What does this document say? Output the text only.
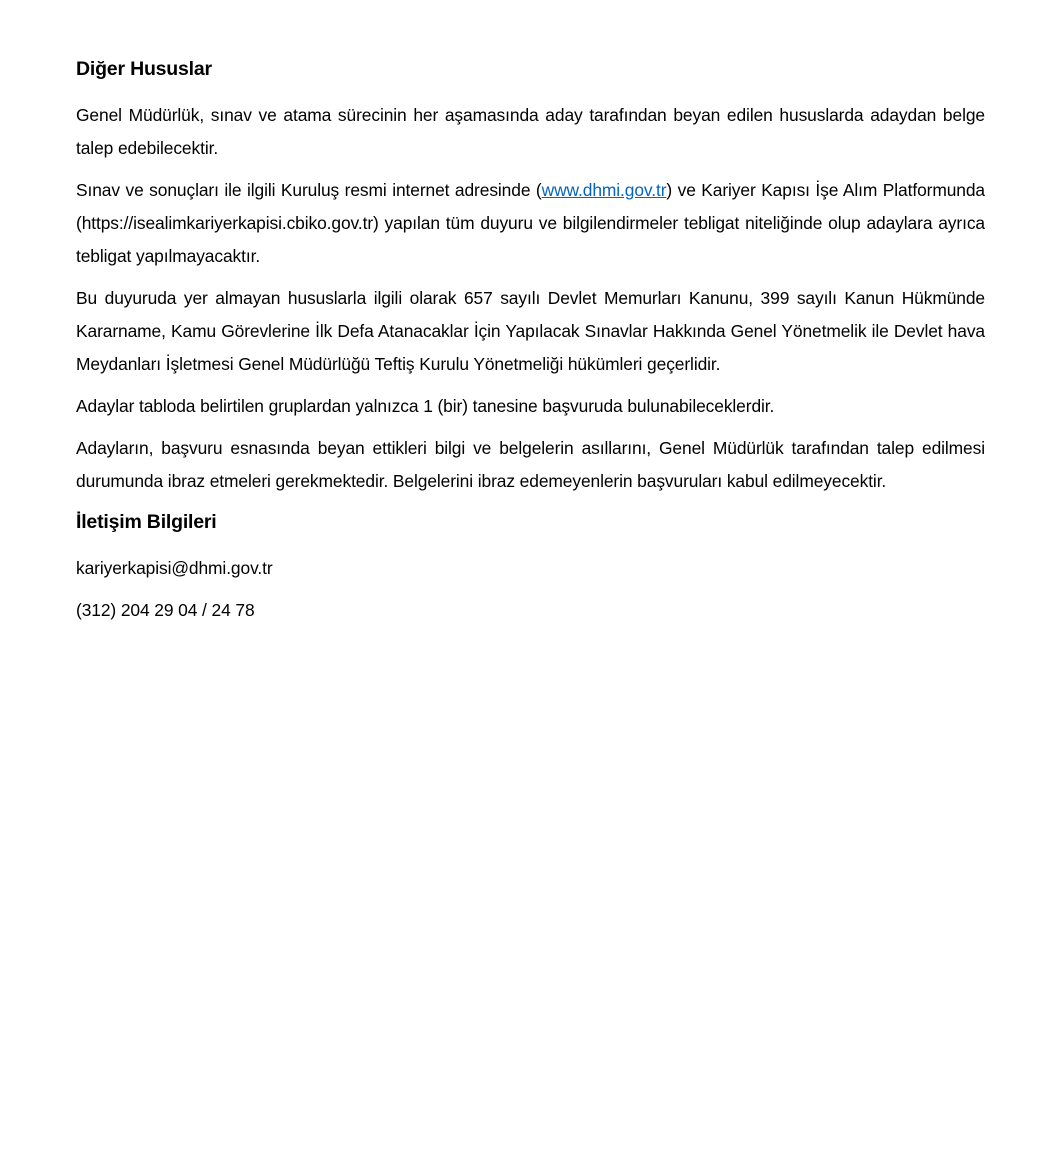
Diğer Hususlar

Genel Müdürlük, sınav ve atama sürecinin her aşamasında aday tarafından beyan edilen hususlarda adaydan belge talep edebilecektir.

Sınav ve sonuçları ile ilgili Kuruluş resmi internet adresinde (www.dhmi.gov.tr) ve Kariyer Kapısı İşe Alım Platformunda (https://isealimkariyerkapisi.cbiko.gov.tr) yapılan tüm duyuru ve bilgilendirmeler tebligat niteliğinde olup adaylara ayrıca tebligat yapılmayacaktır.

Bu duyuruda yer almayan hususlarla ilgili olarak 657 sayılı Devlet Memurları Kanunu, 399 sayılı Kanun Hükmünde Kararname, Kamu Görevlerine İlk Defa Atanacaklar İçin Yapılacak Sınavlar Hakkında Genel Yönetmelik ile Devlet hava Meydanları İşletmesi Genel Müdürlüğü Teftiş Kurulu Yönetmeliği hükümleri geçerlidir.

Adaylar tabloda belirtilen gruplardan yalnızca 1 (bir) tanesine başvuruda bulunabileceklerdir.

Adayların, başvuru esnasında beyan ettikleri bilgi ve belgelerin asıllarını, Genel Müdürlük tarafından talep edilmesi durumunda ibraz etmeleri gerekmektedir. Belgelerini ibraz edemeyenlerin başvuruları kabul edilmeyecektir.

İletişim Bilgileri

kariyerkapisi@dhmi.gov.tr

(312) 204 29 04 / 24 78
